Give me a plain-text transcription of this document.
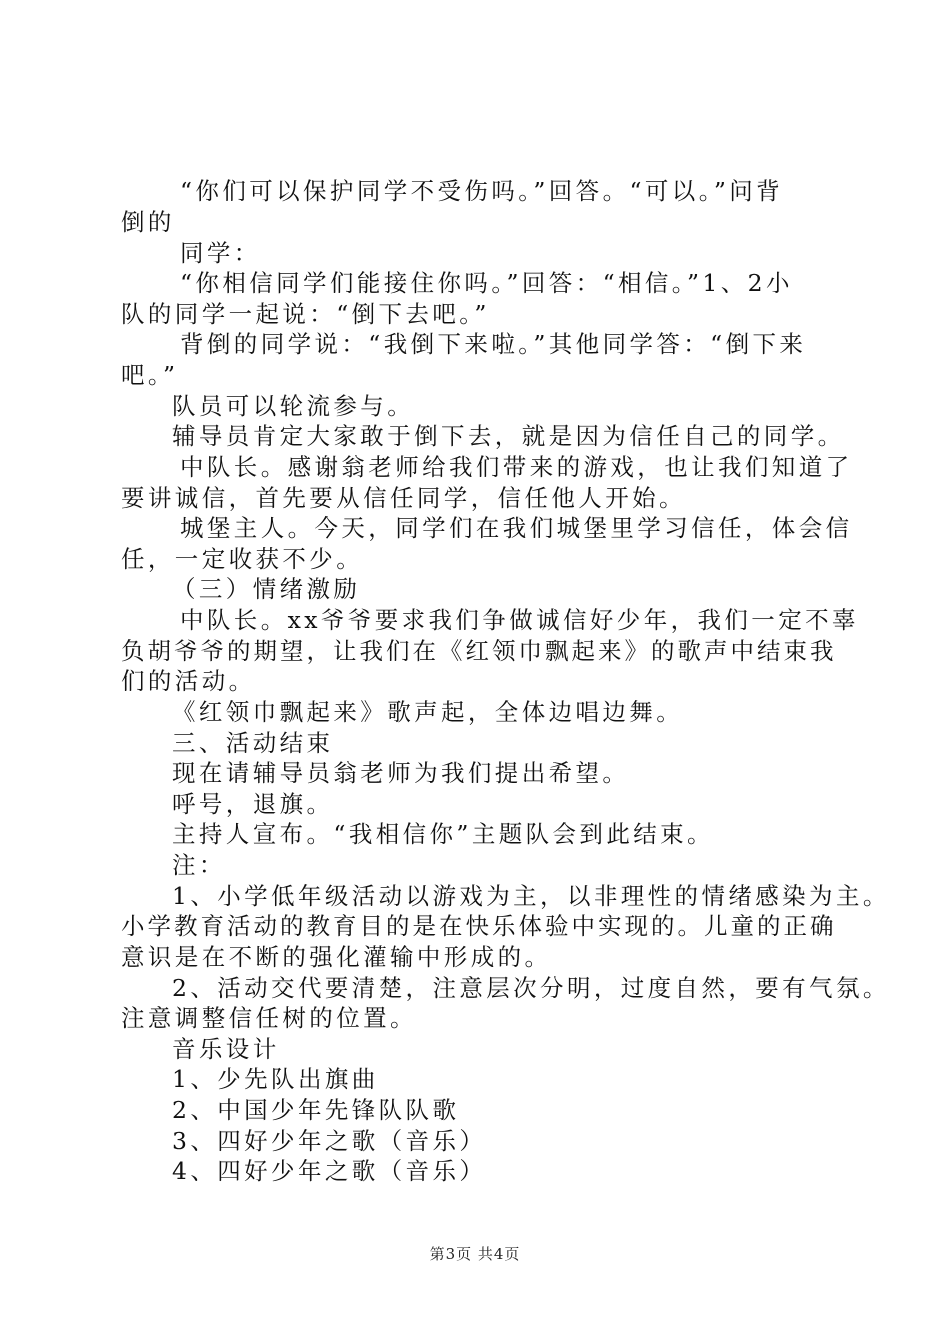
“你们可以保护同学不受伤吗。”回答。“可以。”问背

倒的

同学：

“你相信同学们能接住你吗。”回答：“相信。”1、2小

队的同学一起说：“倒下去吧。”

背倒的同学说：“我倒下来啦。”其他同学答：“倒下来

吧。”

队员可以轮流参与。

辅导员肯定大家敢于倒下去，就是因为信任自己的同学。

中队长。感谢翁老师给我们带来的游戏，也让我们知道了

要讲诚信，首先要从信任同学，信任他人开始。

城堡主人。今天，同学们在我们城堡里学习信任，体会信

任，一定收获不少。

（三）情绪激励

中队长。xx爷爷要求我们争做诚信好少年，我们一定不辜

负胡爷爷的期望，让我们在《红领巾飘起来》的歌声中结束我

们的活动。

《红领巾飘起来》歌声起，全体边唱边舞。

三、活动结束

现在请辅导员翁老师为我们提出希望。

呼号，退旗。

主持人宣布。“我相信你”主题队会到此结束。

注：

1、小学低年级活动以游戏为主，以非理性的情绪感染为主。

小学教育活动的教育目的是在快乐体验中实现的。儿童的正确

意识是在不断的强化灌输中形成的。

2、活动交代要清楚，注意层次分明，过度自然，要有气氛。

注意调整信任树的位置。

音乐设计

1、少先队出旗曲

2、中国少年先锋队队歌

3、四好少年之歌（音乐）

4、四好少年之歌（音乐）

第3页 共4页
